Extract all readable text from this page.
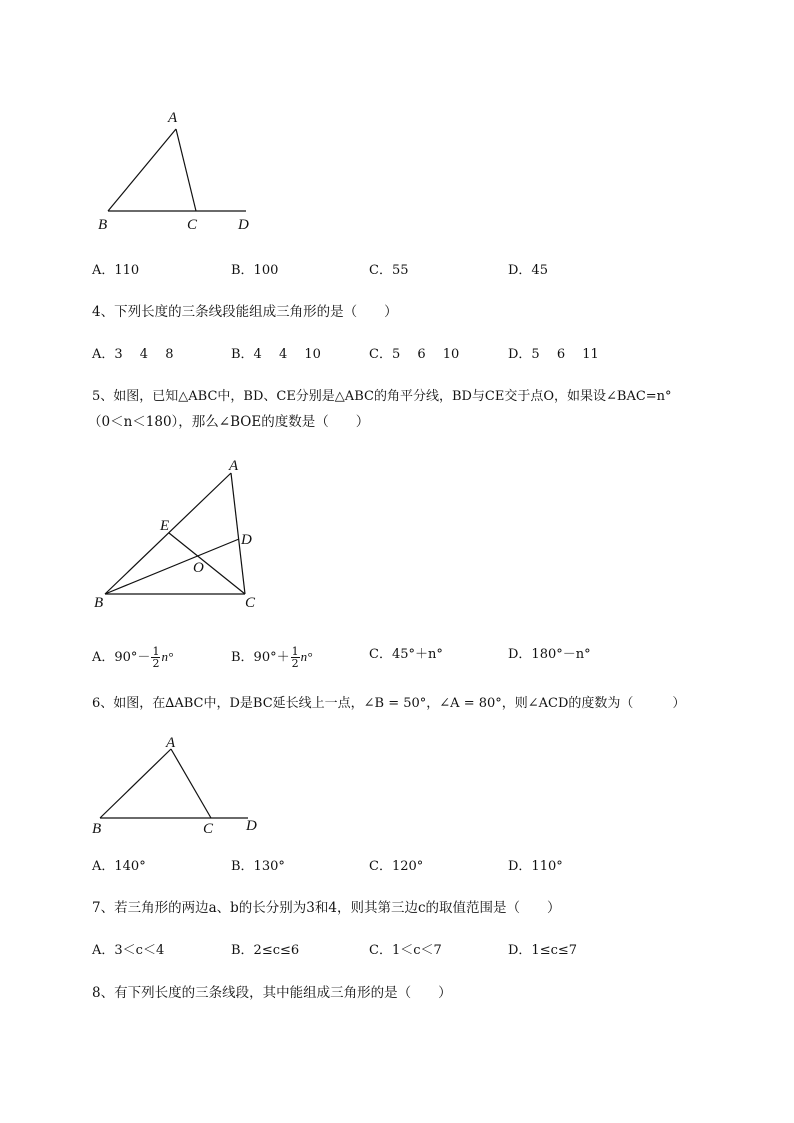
A
B	C	D
A．110	B．100	C．55	D．45
4、下列长度的三条线段能组成三角形的是（　　）
A．3　 4　 8	B．4　 4　 10	C．5　 6　 10	D．5　 6　 11
5、如图，已知△ABC中，BD、CE分别是△ABC的角平分线，BD与CE交于点O，如果设∠BAC=n°
（0＜n＜180），那么∠BOE的度数是（　　）
A
E
D
O
B	C
A．$90^\circ- \frac{1}{2} n^\circ$	B．$90^\circ+ \frac{1}{2} n^\circ$	C．45°＋n°	D．180°－n°
6、如图，在∆ABC中，D是BC延长线上一点，∠B = 50°，∠A = 80°，则∠ACD的度数为（　　　）
A
B	C D
A．140°	B．130°	C．120°	D．110°
7、若三角形的两边a、b的长分别为3和4，则其第三边c的取值范围是（　　）
A．3＜c＜4	B．2≤c≤6	C．1＜c＜7	D．1≤c≤7
8、有下列长度的三条线段，其中能组成三角形的是（　　）
